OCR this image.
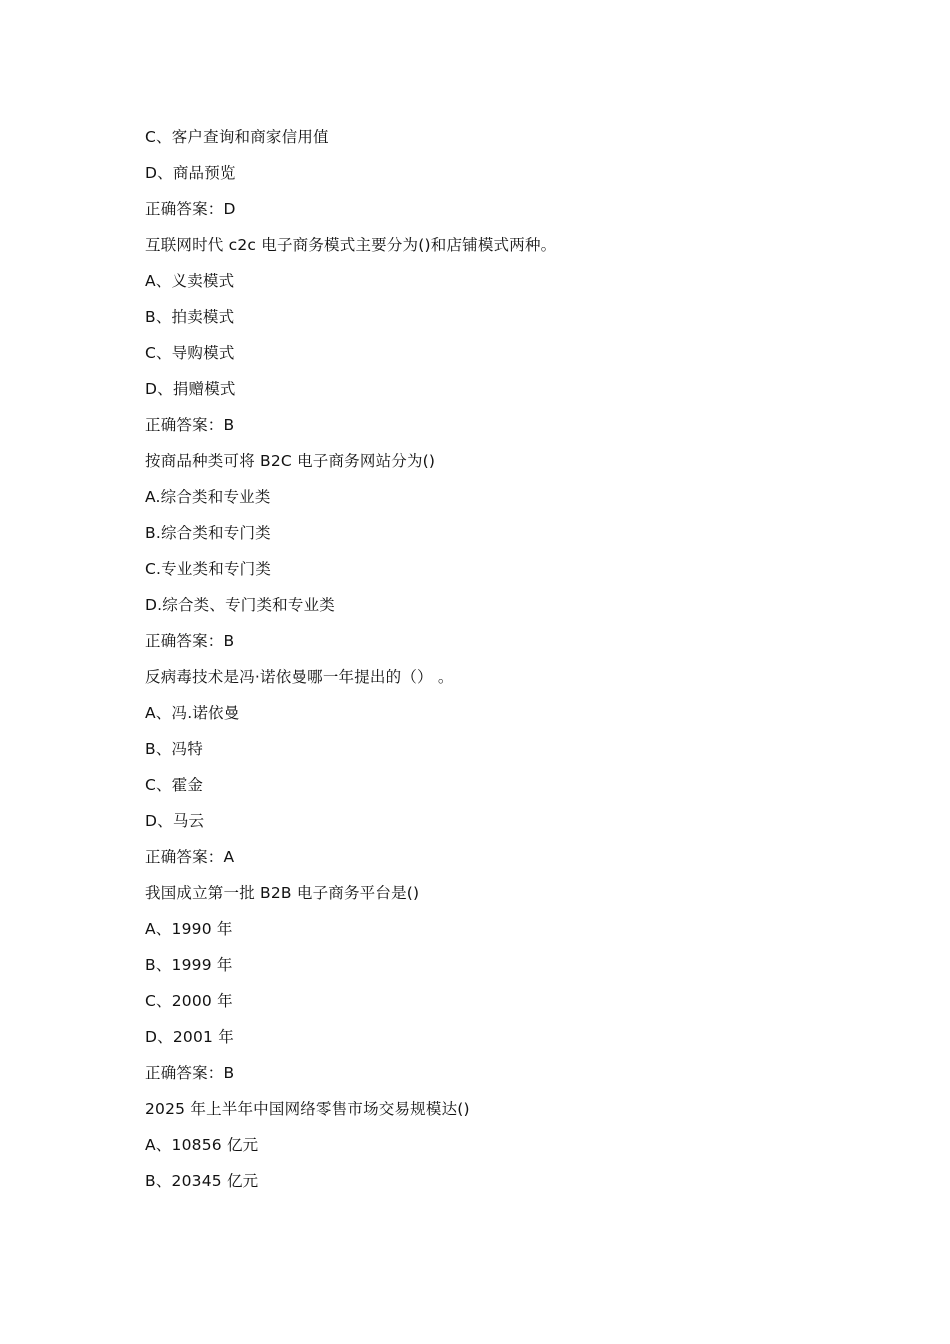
C、客户查询和商家信用值
D、商品预览
正确答案：D
互联网时代 c2c 电子商务模式主要分为()和店铺模式两种。
A、义卖模式
B、拍卖模式
C、导购模式
D、捐赠模式
正确答案：B
按商品种类可将 B2C 电子商务网站分为()
A.综合类和专业类
B.综合类和专门类
C.专业类和专门类
D.综合类、专门类和专业类
正确答案：B
反病毒技术是冯·诺依曼哪一年提出的（） 。
A、冯.诺依曼
B、冯特
C、霍金
D、马云
正确答案：A
我国成立第一批 B2B 电子商务平台是()
A、1990 年
B、1999 年
C、2000 年
D、2001 年
正确答案：B
2025 年上半年中国网络零售市场交易规模达()
A、10856 亿元
B、20345 亿元
